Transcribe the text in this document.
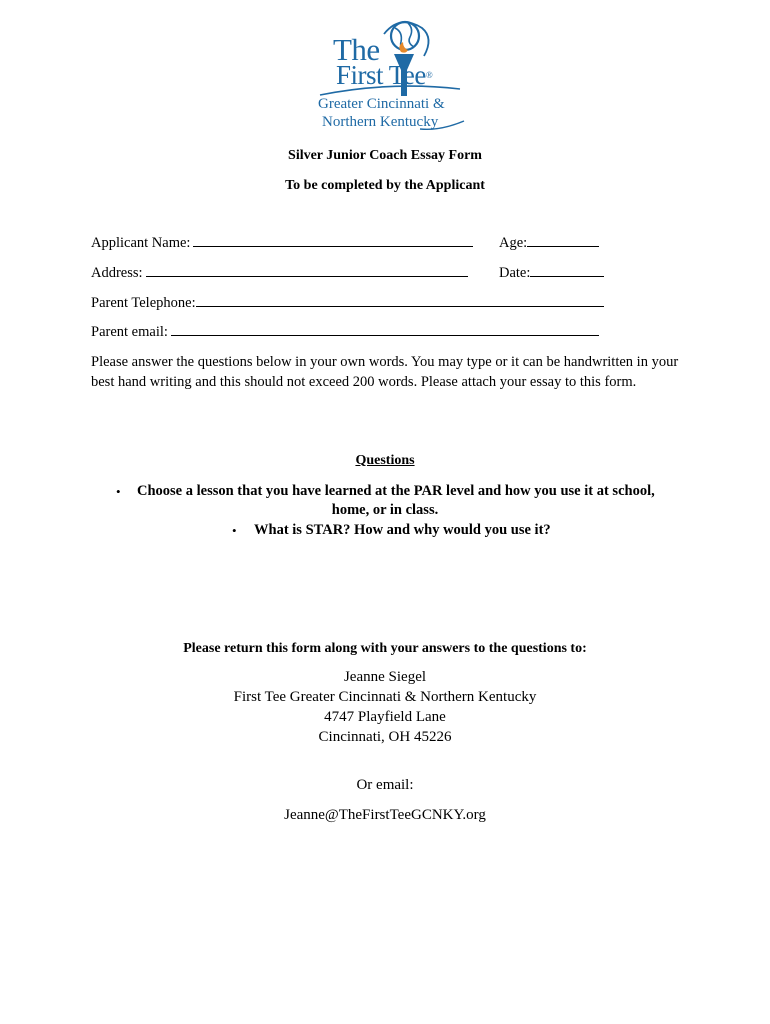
The
First Tee®
Greater Cincinnati &
Northern Kentucky
Silver Junior Coach Essay Form
To be completed by the Applicant
Applicant Name:	Age:
Address:	Date:
Parent Telephone:
Parent email:
Please answer the questions below in your own words. You may type or it can be handwritten in your best hand writing and this should not exceed 200 words. Please attach your essay to this form.
Questions
• Choose a lesson that you have learned at the PAR level and how you use it at school,
home, or in class.
• What is STAR? How and why would you use it?
Please return this form along with your answers to the questions to:
Jeanne Siegel
First Tee Greater Cincinnati & Northern Kentucky
4747 Playfield Lane
Cincinnati, OH 45226
Or email:
Jeanne@TheFirstTeeGCNKY.org
